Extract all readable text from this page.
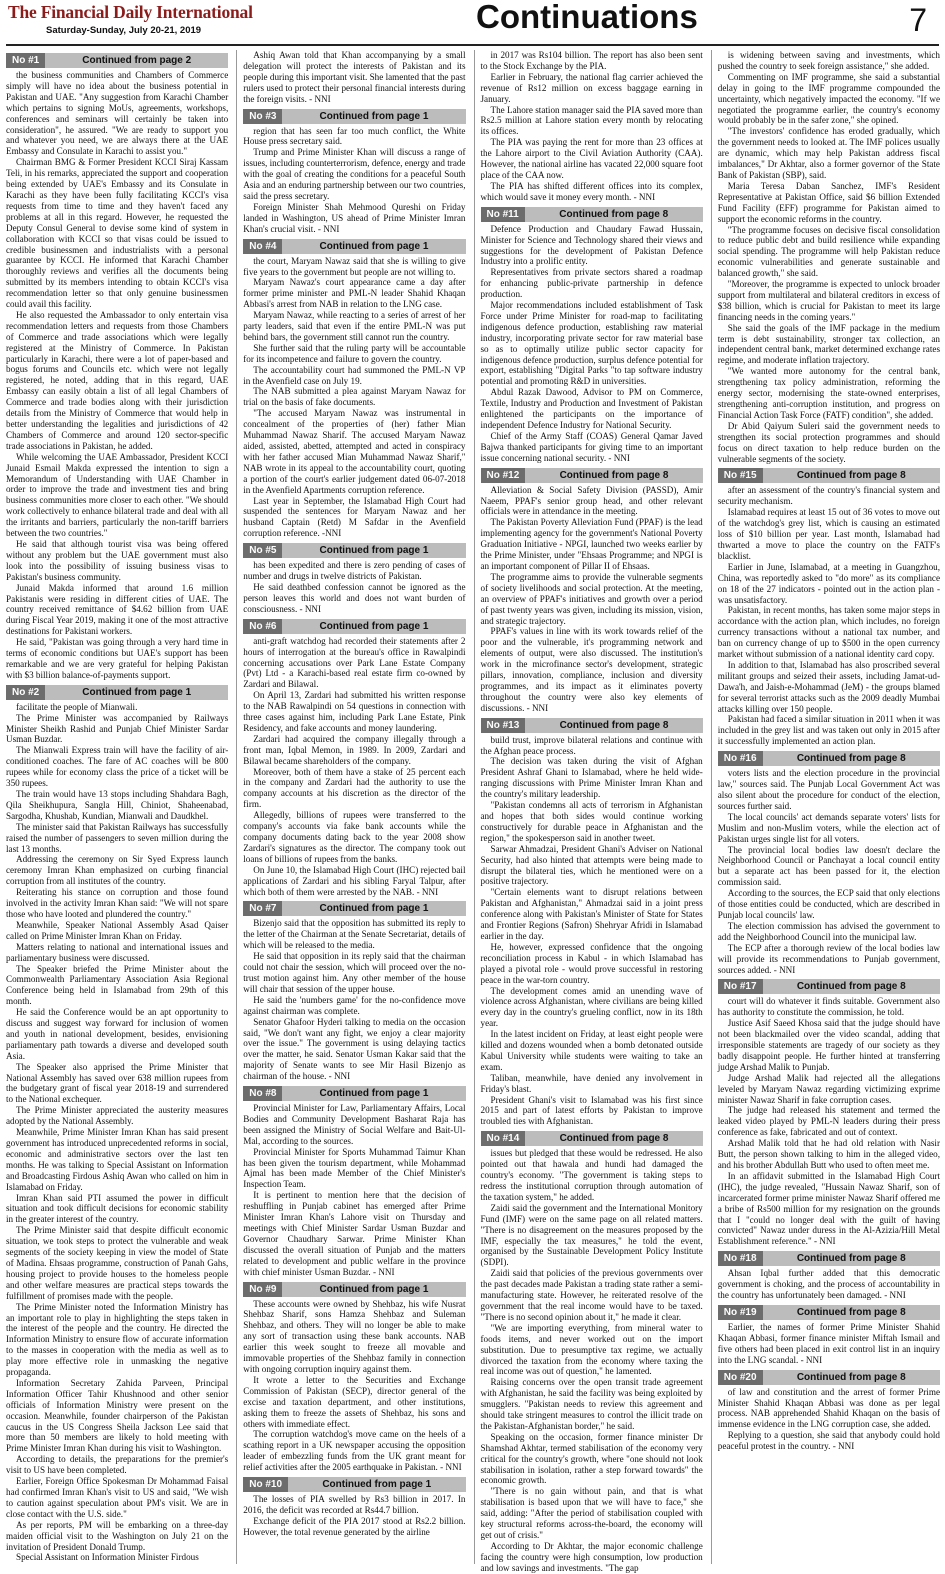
The Financial Daily International
Saturday-Sunday, July 20-21, 2019	Continuations	7
No #1	Continued from page 2

the business communities and Chambers of Commerce simply will have no idea about the business potential in Pakistan and UAE. "Any suggestion from Karachi Chamber which pertains to signing MoUs, agreements, workshops, conferences and seminars will certainly be taken into consideration", he assured. "We are ready to support you and whatever you need, we are always there at the UAE Embassy and Consulate in Karachi to assist you."

Chairman BMG & Former President KCCI Siraj Kassam Teli, in his remarks, appreciated the support and cooperation being extended by UAE's Embassy and its Consulate in Karachi as they have been fully facilitating KCCI's visa requests from time to time and they haven't faced any problems at all in this regard. However, he requested the Deputy Consul General to devise some kind of system in collaboration with KCCI so that visas could be issued to credible businessmen and industrialists with a personal guarantee by KCCI. He informed that Karachi Chamber thoroughly reviews and verifies all the documents being submitted by its members intending to obtain KCCI's visa recommendation letter so that only genuine businessmen could avail this facility.

He also requested the Ambassador to only entertain visa recommendation letters and requests from those Chambers of Commerce and trade associations which were legally registered at the Ministry of Commerce. In Pakistan particularly in Karachi, there were a lot of paper-based and bogus forums and Councils etc. which were not legally registered, he noted, adding that in this regard, UAE Embassy can easily obtain a list of all legal Chambers of Commerce and trade bodies along with their jurisdiction details from the Ministry of Commerce that would help in better understanding the legalities and jurisdictions of 42 Chambers of Commerce and around 120 sector-specific trade associations in Pakistan, he added.

While welcoming the UAE Ambassador, President KCCI Junaid Esmail Makda expressed the intention to sign a Memorandum of Understanding with UAE Chamber in order to improve the trade and investment ties and bring business communities more closer to each other. "We should work collectively to enhance bilateral trade and deal with all the irritants and barriers, particularly the non-tariff barriers between the two countries."

He said that although tourist visa was being offered without any problem but the UAE government must also look into the possibility of issuing business visas to Pakistan's business community.

Junaid Makda informed that around 1.6 million Pakistanis were residing in different cities of UAE. The country received remittance of $4.62 billion from UAE during Fiscal Year 2019, making it one of the most attractive destinations for Pakistani workers.

He said, "Pakistan was going through a very hard time in terms of economic conditions but UAE's support has been remarkable and we are very grateful for helping Pakistan with $3 billion balance-of-payments support.

No #2	Continued from page 1

facilitate the people of Mianwali.

The Prime Minister was accompanied by Railways Minister Sheikh Rashid and Punjab Chief Minister Sardar Usman Buzdar.

The Mianwali Express train will have the facility of air-conditioned coaches. The fare of AC coaches will be 800 rupees while for economy class the price of a ticket will be 350 rupees.

The train would have 13 stops including Shahdara Bagh, Qila Sheikhupura, Sangla Hill, Chiniot, Shaheenabad, Sargodha, Khushab, Kundian, Mianwali and Daudkhel.

The minister said that Pakistan Railways has successfully raised the number of passengers to seven million during the last 13 months.

Addressing the ceremony on Sir Syed Express launch ceremony Imran Khan emphasized on curbing financial corruption from all institutes of the country.

Reiterating his stance on corruption and those found involved in the activity Imran Khan said: "We will not spare those who have looted and plundered the country."

Meanwhile, Speaker National Assembly Asad Qaiser called on Prime Minister Imran Khan on Friday.

Matters relating to national and international issues and parliamentary business were discussed.

The Speaker briefed the Prime Minister about the Commonwealth Parliamentary Association Asia Regional Conference being held in Islamabad from 29th of this month.

He said the Conference would be an apt opportunity to discuss and suggest way forward for inclusion of women and youth in national development, besides, envisioning parliamentary path towards a diverse and developed south Asia.

The Speaker also apprised the Prime Minister that National Assembly has saved over 638 million rupees from the budgetary grant of fiscal year 2018-19 and surrendered to the National exchequer.

The Prime Minister appreciated the austerity measures adopted by the National Assembly.

Meanwhile, Prime Minister Imran Khan has said present government has introduced unprecedented reforms in social, economic and administrative sectors over the last ten months. He was talking to Special Assistant on Information and Broadcasting Firdous Ashiq Awan who called on him in Islamabad on Friday.

Imran Khan said PTI assumed the power in difficult situation and took difficult decisions for economic stability in the greater interest of the country.

The Prime Minister said that despite difficult economic situation, we took steps to protect the vulnerable and weak segments of the society keeping in view the model of State of Madina. Ehsaas programme, construction of Panah Gahs, housing project to provide houses to the homeless people and other welfare measures are practical steps towards the fulfillment of promises made with the people.

The Prime Minister noted the Information Ministry has an important role to play in highlighting the steps taken in the interest of the people and the country. He directed the Information Ministry to ensure flow of accurate information to the masses in cooperation with the media as well as to play more effective role in unmasking the negative propaganda.

Information Secretary Zahida Parveen, Principal Information Officer Tahir Khushnood and other senior officials of Information Ministry were present on the occasion. Meanwhile, founder chairperson of the Pakistan caucus in the US Congress Sheila Jackson Lee said that more than 50 members are likely to hold meeting with Prime Minister Imran Khan during his visit to Washington.

According to details, the preparations for the premier's visit to US have been completed.

Earlier, Foreign Office Spokesman Dr Mohammad Faisal had confirmed Imran Khan's visit to US and said, "We wish to caution against speculation about PM's visit. We are in close contact with the U.S. side."

As per reports, PM will be embarking on a three-day maiden official visit to the Washington on July 21 on the invitation of President Donald Trump.

Special Assistant on Information Minister Firdous

Ashiq Awan told that Khan accompanying by a small delegation will protect the interests of Pakistan and its people during this important visit. She lamented that the past rulers used to protect their personal financial interests during the foreign visits. - NNI

No #3	Continued from page 1

region that has seen far too much conflict, the White House press secretary said.

Trump and Prime Minister Khan will discuss a range of issues, including counterterrorism, defence, energy and trade with the goal of creating the conditions for a peaceful South Asia and an enduring partnership between our two countries, said the press secretary.

Foreign Minister Shah Mehmood Qureshi on Friday landed in Washington, US ahead of Prime Minister Imran Khan's crucial visit. - NNI

No #4	Continued from page 1

the court, Maryam Nawaz said that she is willing to give five years to the government but people are not willing to.

Maryam Nawaz's court appearance came a day after former prime minister and PML-N leader Shahid Khaqan Abbasi's arrest from NAB in relation to the LNG case.

Maryam Nawaz, while reacting to a series of arrest of her party leaders, said that even if the entire PML-N was put behind bars, the government still cannot run the country.

She further said that the ruling party will be accountable for its incompetence and failure to govern the country.

The accountability court had summoned the PML-N VP in the Avenfield case on July 19.

The NAB submitted a plea against Maryam Nawaz for trial on the basis of fake documents.

"The accused Maryam Nawaz was instrumental in concealment of the properties of (her) father Mian Muhammad Nawaz Sharif. The accused Maryam Nawaz aided, assisted, abetted, attempted and acted in conspiracy with her father accused Mian Muhammad Nawaz Sharif," NAB wrote in its appeal to the accountability court, quoting a portion of the court's earlier judgement dated 06-07-2018 in the Avenfield Apartments corruption reference.

Last year in September, the Islamabad High Court had suspended the sentences for Maryam Nawaz and her husband Captain (Retd) M Safdar in the Avenfield corruption reference. -NNI

No #5	Continued from page 1

has been expedited and there is zero pending of cases of number and drugs in twelve districts of Pakistan.

He said deathbed confession cannot be ignored as the person leaves this world and does not want burden of consciousness. - NNI

No #6	Continued from page 1

anti-graft watchdog had recorded their statements after 2 hours of interrogation at the bureau's office in Rawalpindi concerning accusations over Park Lane Estate Company (Pvt) Ltd - a Karachi-based real estate firm co-owned by Zardari and Bilawal.

On April 13, Zardari had submitted his written response to the NAB Rawalpindi on 54 questions in connection with three cases against him, including Park Lane Estate, Pink Residency, and fake accounts and money laundering.

Zardari had acquired the company illegally through a front man, Iqbal Memon, in 1989. In 2009, Zardari and Bilawal became shareholders of the company.

Moreover, both of them have a stake of 25 percent each in the company and Zardari had the authority to use the company accounts at his discretion as the director of the firm.

Allegedly, billions of rupees were transferred to the company's accounts via fake bank accounts while the company documents dating back to the year 2008 show Zardari's signatures as the director. The company took out loans of billions of rupees from the banks.

On June 10, the Islamabad High Court (IHC) rejected bail applications of Zardari and his sibling Faryal Talpur, after which both of them were arrested by the NAB. - NNI

No #7	Continued from page 1

Bizenjo said that the opposition has submitted its reply to the letter of the Chairman at the Senate Secretariat, details of which will be released to the media.

He said that opposition in its reply said that the chairman could not chair the session, which will proceed over the no-trust motion against him. Any other member of the house will chair that session of the upper house.

He said the 'numbers game' for the no-confidence move against chairman was complete.

Senator Ghafoor Hyderi talking to media on the occasion said, "We don't want any fight, we enjoy a clear majority over the issue." The government is using delaying tactics over the matter, he said. Senator Usman Kakar said that the majority of Senate wants to see Mir Hasil Bizenjo as chairman of the house. - NNI

No #8	Continued from page 1

Provincial Minister for Law, Parliamentary Affairs, Local Bodies and Community Development Basharat Raja has been assigned the Ministry of Social Welfare and Bait-Ul-Mal, according to the sources.

Provincial Minister for Sports Muhammad Taimur Khan has been given the tourism department, while Mohammad Ajmal has been made Member of the Chief Minister's Inspection Team.

It is pertinent to mention here that the decision of reshuffling in Punjab cabinet has emerged after Prime Minister Imran Khan's Lahore visit on Thursday and meetings with Chief Minister Sardar Usman Buzdar and Governor Chaudhary Sarwar. Prime Minister Khan discussed the overall situation of Punjab and the matters related to development and public welfare in the province with chief minister Usman Buzdar. - NNI

No #9	Continued from page 1

These accounts were owned by Shehbaz, his wife Nusrat Shehbaz Sharif, sons Hamza Shehbaz and Suleman Shehbaz, and others. They will no longer be able to make any sort of transaction using these bank accounts. NAB earlier this week sought to freeze all movable and immovable properties of the Shehbaz family in connection with ongoing corruption inquiry against them.

It wrote a letter to the Securities and Exchange Commission of Pakistan (SECP), director general of the excise and taxation department, and other institutions, asking them to freeze the assets of Shehbaz, his sons and others with immediate effect.

The corruption watchdog's move came on the heels of a scathing report in a UK newspaper accusing the opposition leader of embezzling funds from the UK grant meant for relief activities after the 2005 earthquake in Pakistan. - NNI

No #10	Continued from page 1

The losses of PIA swelled by Rs3 billion in 2017. In 2016, the deficit was recorded at Rs44.7 billion.

Exchange deficit of the PIA 2017 stood at Rs2.2 billion. However, the total revenue generated by the airline

in 2017 was Rs104 billion. The report has also been sent to the Stock Exchange by the PIA.

Earlier in February, the national flag carrier achieved the revenue of Rs12 million on excess baggage earning in January.

The Lahore station manager said the PIA saved more than Rs2.5 million at Lahore station every month by relocating its offices.

The PIA was paying the rent for more than 23 offices at the Lahore airport to the Civil Aviation Authority (CAA). However, the national airline has vacated 22,000 square foot place of the CAA now.

The PIA has shifted different offices into its complex, which would save it money every month. - NNI

No #11	Continued from page 8

Defence Production and Chaudary Fawad Hussain, Minister for Science and Technology shared their views and suggestions for the development of Pakistan Defence Industry into a prolific entity.

Representatives from private sectors shared a roadmap for enhancing public-private partnership in defence production.

Major recommendations included establishment of Task Force under Prime Minister for road-map to facilitating indigenous defence production, establishing raw material industry, incorporating private sector for raw material base so as to optimally utilize public sector capacity for indigenous defence production, surplus defence potential for export, establishing "Digital Parks "to tap software industry potential and promoting R&D in universities.

Abdul Razak Dawood, Advisor to PM on Commerce, Textile, Industry and Production and Investment of Pakistan enlightened the participants on the importance of independent Defence Industry for National Security.

Chief of the Army Staff (COAS) General Qamar Javed Bajwa thanked participants for giving time to an important issue concerning national security. - NNI

No #12	Continued from page 8

Alleviation & Social Safety Division (PASSD), Amir Naeem, PPAF's senior group head, and other relevant officials were in attendance in the meeting.

The Pakistan Poverty Alleviation Fund (PPAF) is the lead implementing agency for the government's National Poverty Graduation Initiative - NPGI, launched two weeks earlier by the Prime Minister, under "Ehsaas Programme; and NPGI is an important component of Pillar II of Ehsaas.

The programme aims to provide the vulnerable segments of society livelihoods and social protection. At the meeting, an overview of PPAF's initiatives and growth over a period of past twenty years was given, including its mission, vision, and strategic trajectory.

PPAF's values in line with its work towards relief of the poor and the vulnerable, it's programming network and elements of output, were also discussed. The institution's work in the microfinance sector's development, strategic pillars, innovation, compliance, inclusion and diversity programmes, and its impact as it eliminates poverty throughout the country were also key elements of discussions. - NNI

No #13	Continued from page 8

build trust, improve bilateral relations and continue with the Afghan peace process.

The decision was taken during the visit of Afghan President Ashraf Ghani to Islamabad, where he held wide-ranging discussions with Prime Minister Imran Khan and the country's military leadership.

"Pakistan condemns all acts of terrorism in Afghanistan and hopes that both sides would continue working constructively for durable peace in Afghanistan and the region," the spokesperson said in another tweet.

Sarwar Ahmadzai, President Ghani's Adviser on National Security, had also hinted that attempts were being made to disrupt the bilateral ties, which he mentioned were on a positive trajectory.

"Certain elements want to disrupt relations between Pakistan and Afghanistan," Ahmadzai said in a joint press conference along with Pakistan's Minister of State for States and Frontier Regions (Safron) Shehryar Afridi in Islamabad earlier in the day.

He, however, expressed confidence that the ongoing reconciliation process in Kabul - in which Islamabad has played a pivotal role - would prove successful in restoring peace in the war-torn country.

The development comes amid an unending wave of violence across Afghanistan, where civilians are being killed every day in the country's grueling conflict, now in its 18th year.

In the latest incident on Friday, at least eight people were killed and dozens wounded when a bomb detonated outside Kabul University while students were waiting to take an exam.

Taliban, meanwhile, have denied any involvement in Friday's blast.

President Ghani's visit to Islamabad was his first since 2015 and part of latest efforts by Pakistan to improve troubled ties with Afghanistan.

No #14	Continued from page 8

issues but pledged that these would be redressed. He also pointed out that hawala and hundi had damaged the country's economy. "The government is taking steps to redress the institutional corruption through automation of the taxation system," he added.

Zaidi said the government and the International Monitory Fund (IMF) were on the same page on all related matters. "There is no disagreement on the measures proposed by the IMF, especially the tax measures," he told the event, organised by the Sustainable Development Policy Institute (SDPI).

Zaidi said that policies of the previous governments over the past decades made Pakistan a trading state rather a semi-manufacturing state. However, he reiterated resolve of the government that the real income would have to be taxed. "There is no second opinion about it," he made it clear.

"We are importing everything, from mineral water to foods items, and never worked out on the import substitution. Due to presumptive tax regime, we actually divorced the taxation from the economy where taxing the real income was out of question," he lamented.

Raising concerns over the open transit trade agreement with Afghanistan, he said the facility was being exploited by smugglers. "Pakistan needs to review this agreement and should take stringent measures to control the illicit trade on the Pakistan-Afghanistan border," he said.

Speaking on the occasion, former finance minister Dr Shamshad Akhtar, termed stabilisation of the economy very critical for the country's growth, where "one should not look stabilisation in isolation, rather a step forward towards" the economic growth.

"There is no gain without pain, and that is what stabilisation is based upon that we will have to face," she said, adding: "After the period of stabilisation coupled with key structural reforms across-the-board, the economy will get out of crisis."

According to Dr Akhtar, the major economic challenge facing the country were high consumption, low production and low savings and investments. "The gap

is widening between saving and investments, which pushed the country to seek foreign assistance," she added.

Commenting on IMF programme, she said a substantial delay in going to the IMF programme compounded the uncertainty, which negatively impacted the economy. "If we negotiated the programme earlier, the country's economy would probably be in the safer zone," she opined.

"The investors' confidence has eroded gradually, which the government needs to looked at. The IMF polices usually are dynamic, which may help Pakistan address fiscal imbalances," Dr Akhtar, also a former governor of the State Bank of Pakistan (SBP), said.

Maria Teresa Daban Sanchez, IMF's Resident Representative at Pakistan Office, said $6 billion Extended Fund Facility (EFF) programme for Pakistan aimed to support the economic reforms in the country.

"The programme focuses on decisive fiscal consolidation to reduce public debt and build resilience while expanding social spending. The programme will help Pakistan reduce economic vulnerabilities and generate sustainable and balanced growth," she said.

"Moreover, the programme is expected to unlock broader support from multilateral and bilateral creditors in excess of $38 billion, which is crucial for Pakistan to meet its large financing needs in the coming years."

She said the goals of the IMF package in the medium term is debt sustainability, stronger tax collection, an independent central bank, market determined exchange rates regime, and moderate inflation trajectory.

"We wanted more autonomy for the central bank, strengthening tax policy administration, reforming the energy sector, modernising the state-owned enterprises, strengthening anti-corruption institution, and progress on Financial Action Task Force (FATF) condition", she added.

Dr Abid Qaiyum Suleri said the government needs to strengthen its social protection programmes and should focus on direct taxation to help reduce burden on the vulnerable segments of the society.

No #15	Continued from page 8

after an assessment of the country's financial system and security mechanism.

Islamabad requires at least 15 out of 36 votes to move out of the watchdog's grey list, which is causing an estimated loss of $10 billion per year. Last month, Islamabad had thwarted a move to place the country on the FATF's blacklist.

Earlier in June, Islamabad, at a meeting in Guangzhou, China, was reportedly asked to "do more" as its compliance on 18 of the 27 indicators - pointed out in the action plan - was unsatisfactory.

Pakistan, in recent months, has taken some major steps in accordance with the action plan, which includes, no foreign currency transactions without a national tax number, and ban on currency change of up to $500 in the open currency market without submission of a national identity card copy.

In addition to that, Islamabad has also proscribed several militant groups and seized their assets, including Jamat-ud-Dawa'h, and Jaish-e-Mohammad (JeM) - the groups blamed for several terrorist attacks such as the 2009 deadly Mumbai attacks killing over 150 people.

Pakistan had faced a similar situation in 2011 when it was included in the grey list and was taken out only in 2015 after it successfully implemented an action plan.

No #16	Continued from page 8

voters lists and the election procedure in the provincial law," sources said. The Punjab Local Government Act was also silent about the procedure for conduct of the election, sources further said.

The local councils' act demands separate voters' lists for Muslim and non-Muslim voters, while the election act of Pakistan urges single list for all voters.

The provincial local bodies law doesn't declare the Neighborhood Council or Panchayat a local council entity but a separate act has been passed for it, the election commission said.

According to the sources, the ECP said that only elections of those entities could be conducted, which are described in Punjab local councils' law.

The election commission has advised the government to add the Neighborhood Council into the municipal law.

The ECP after a thorough review of the local bodies law will provide its recommendations to Punjab government, sources added. - NNI

No #17	Continued from page 8

court will do whatever it finds suitable. Government also has authority to constitute the commission, he told.

Justice Asif Saeed Khosa said that the judge should have not been blackmailed over the video scandal, adding that irresponsible statements are tragedy of our society as they badly disappoint people. He further hinted at transferring judge Arshad Malik to Punjab.

Judge Arshad Malik had rejected all the allegations leveled by Maryam Nawaz regarding victimizing exprime minister Nawaz Sharif in fake corruption cases.

The judge had released his statement and termed the leaked video played by PML-N leaders during their press conference as fake, fabricated and out of context.

Arshad Malik told that he had old relation with Nasir Butt, the person shown talking to him in the alleged video, and his brother Abdullah Butt who used to often meet me.

In an affidavit submitted in the Islamabad High Court (IHC), the judge revealed, "Hussain Nawaz Sharif, son of incarcerated former prime minister Nawaz Sharif offered me a bribe of Rs500 million for my resignation on the grounds that I "could no longer deal with the guilt of having convicted" Nawaz under duress in the Al-Azizia/Hill Metal Establishment reference." - NNI

No #18	Continued from page 8

Ahsan Iqbal further added that this democratic government is choking, and the process of accountability in the country has unfortunately been damaged. - NNI

No #19	Continued from page 8

Earlier, the names of former Prime Minister Shahid Khaqan Abbasi, former finance minister Miftah Ismail and five others had been placed in exit control list in an inquiry into the LNG scandal. - NNI

No #20	Continued from page 8

of law and constitution and the arrest of former Prime Minister Shahid Khaqan Abbasi was done as per legal process. NAB apprehended Shahid Khaqan on the basis of immense evidence in the LNG corruption case, she added.

Replying to a question, she said that anybody could hold peaceful protest in the country. - NNI
